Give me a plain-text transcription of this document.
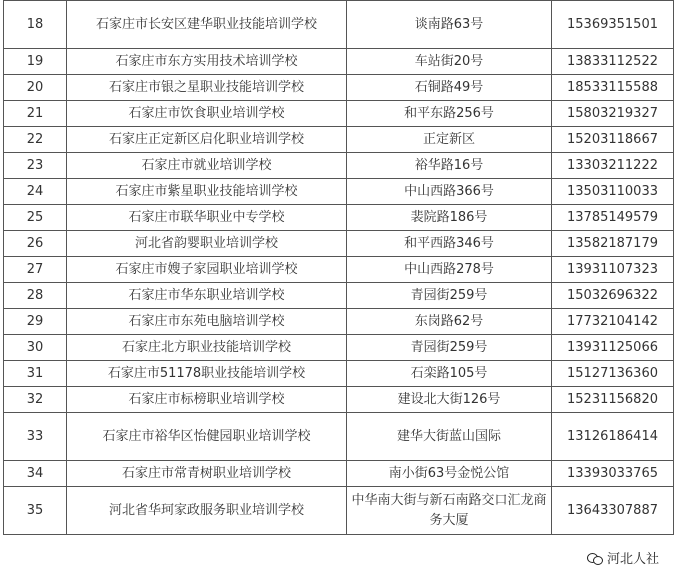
18	石家庄市长安区建华职业技能培训学校	谈南路63号	15369351501
19	石家庄市东方实用技术培训学校	车站街20号	13833112522
20	石家庄市银之星职业技能培训学校	石铜路49号	18533115588
21	石家庄市饮食职业培训学校	和平东路256号	15803219327
22	石家庄正定新区启化职业培训学校	正定新区	15203118667
23	石家庄市就业培训学校	裕华路16号	13303211222
24	石家庄市紫星职业技能培训学校	中山西路366号	13503110033
25	石家庄市联华职业中专学校	裴院路186号	13785149579
26	河北省韵婴职业培训学校	和平西路346号	13582187179
27	石家庄市嫂子家园职业培训学校	中山西路278号	13931107323
28	石家庄市华东职业培训学校	青园街259号	15032696322
29	石家庄市东苑电脑培训学校	东岗路62号	17732104142
30	石家庄北方职业技能培训学校	青园街259号	13931125066
31	石家庄市51178职业技能培训学校	石栾路105号	15127136360
32	石家庄市标榜职业培训学校	建设北大街126号	15231156820
33	石家庄市裕华区怡健园职业培训学校	建华大街蓝山国际	13126186414
34	石家庄市常青树职业培训学校	南小街63号金悦公馆	13393033765
35	河北省华珂家政服务职业培训学校	中华南大街与新石南路交口汇龙商务大厦	13643307887
河北人社
